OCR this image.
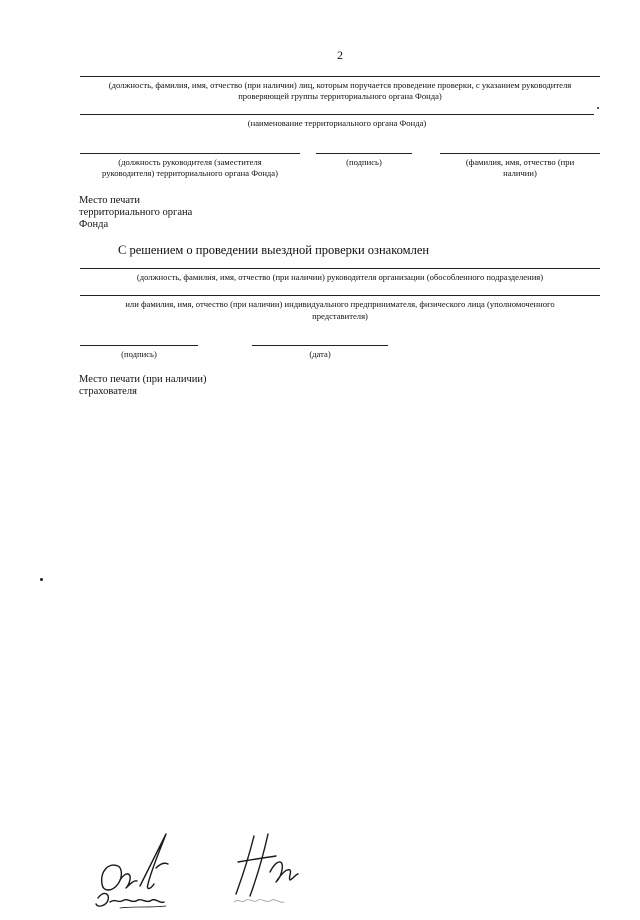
2
(должность, фамилия, имя, отчество (при наличии) лиц, которым поручается проведение проверки, с указанием руководителя
проверяющей группы территориального органа Фонда)
(наименование территориального органа Фонда)
(должность руководителя (заместителя
руководителя) территориального органа Фонда)
(подпись)	(фамилия, имя, отчество (при
наличии)
Место печати
территориального органа
Фонда
С решением о проведении выездной проверки ознакомлен
(должность, фамилия, имя, отчество (при наличии) руководителя организации (обособленного подразделения)
или фамилия, имя, отчество (при наличии) индивидуального предпринимателя, физического лица (уполномоченного
представителя)
(подпись)	(дата)
Место печати (при наличии)
страхователя
